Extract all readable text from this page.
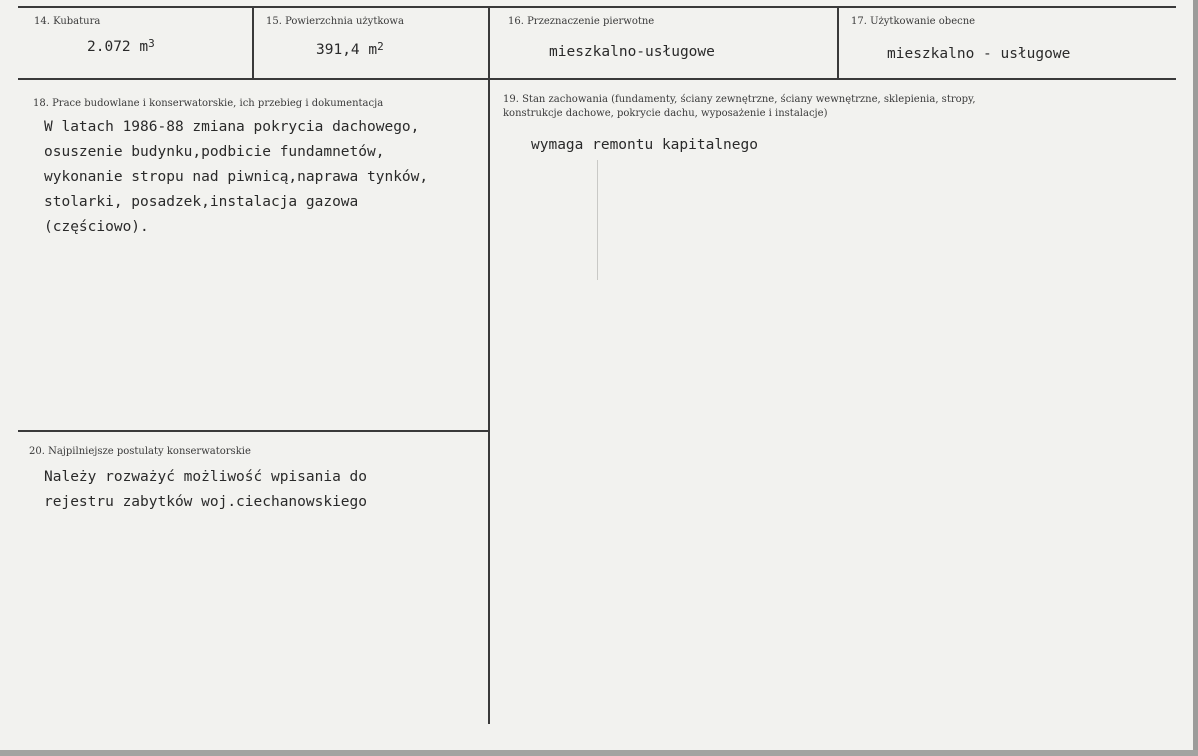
14. Kubatura
2.072 $m^3$
15. Powierzchnia użytkowa
391,4 $m^2$
16. Przeznaczenie pierwotne
mieszkalno-usługowe
17. Użytkowanie obecne
mieszkalno - usługowe
18. Prace budowlane i konserwatorskie, ich przebieg i dokumentacja
W latach 1986-88 zmiana pokrycia dachowego,
osuszenie budynku,podbicie fundamnetów,
wykonanie stropu nad piwnicą,naprawa tynków,
stolarki, posadzek,instalacja gazowa
(częściowo).
19. Stan zachowania (fundamenty, ściany zewnętrzne, ściany wewnętrzne, sklepienia, stropy,
konstrukcje dachowe, pokrycie dachu, wyposażenie i instalacje)
wymaga remontu kapitalnego
20. Najpilniejsze postulaty konserwatorskie
Należy rozważyć możliwość wpisania do
rejestru zabytków woj.ciechanowskiego
